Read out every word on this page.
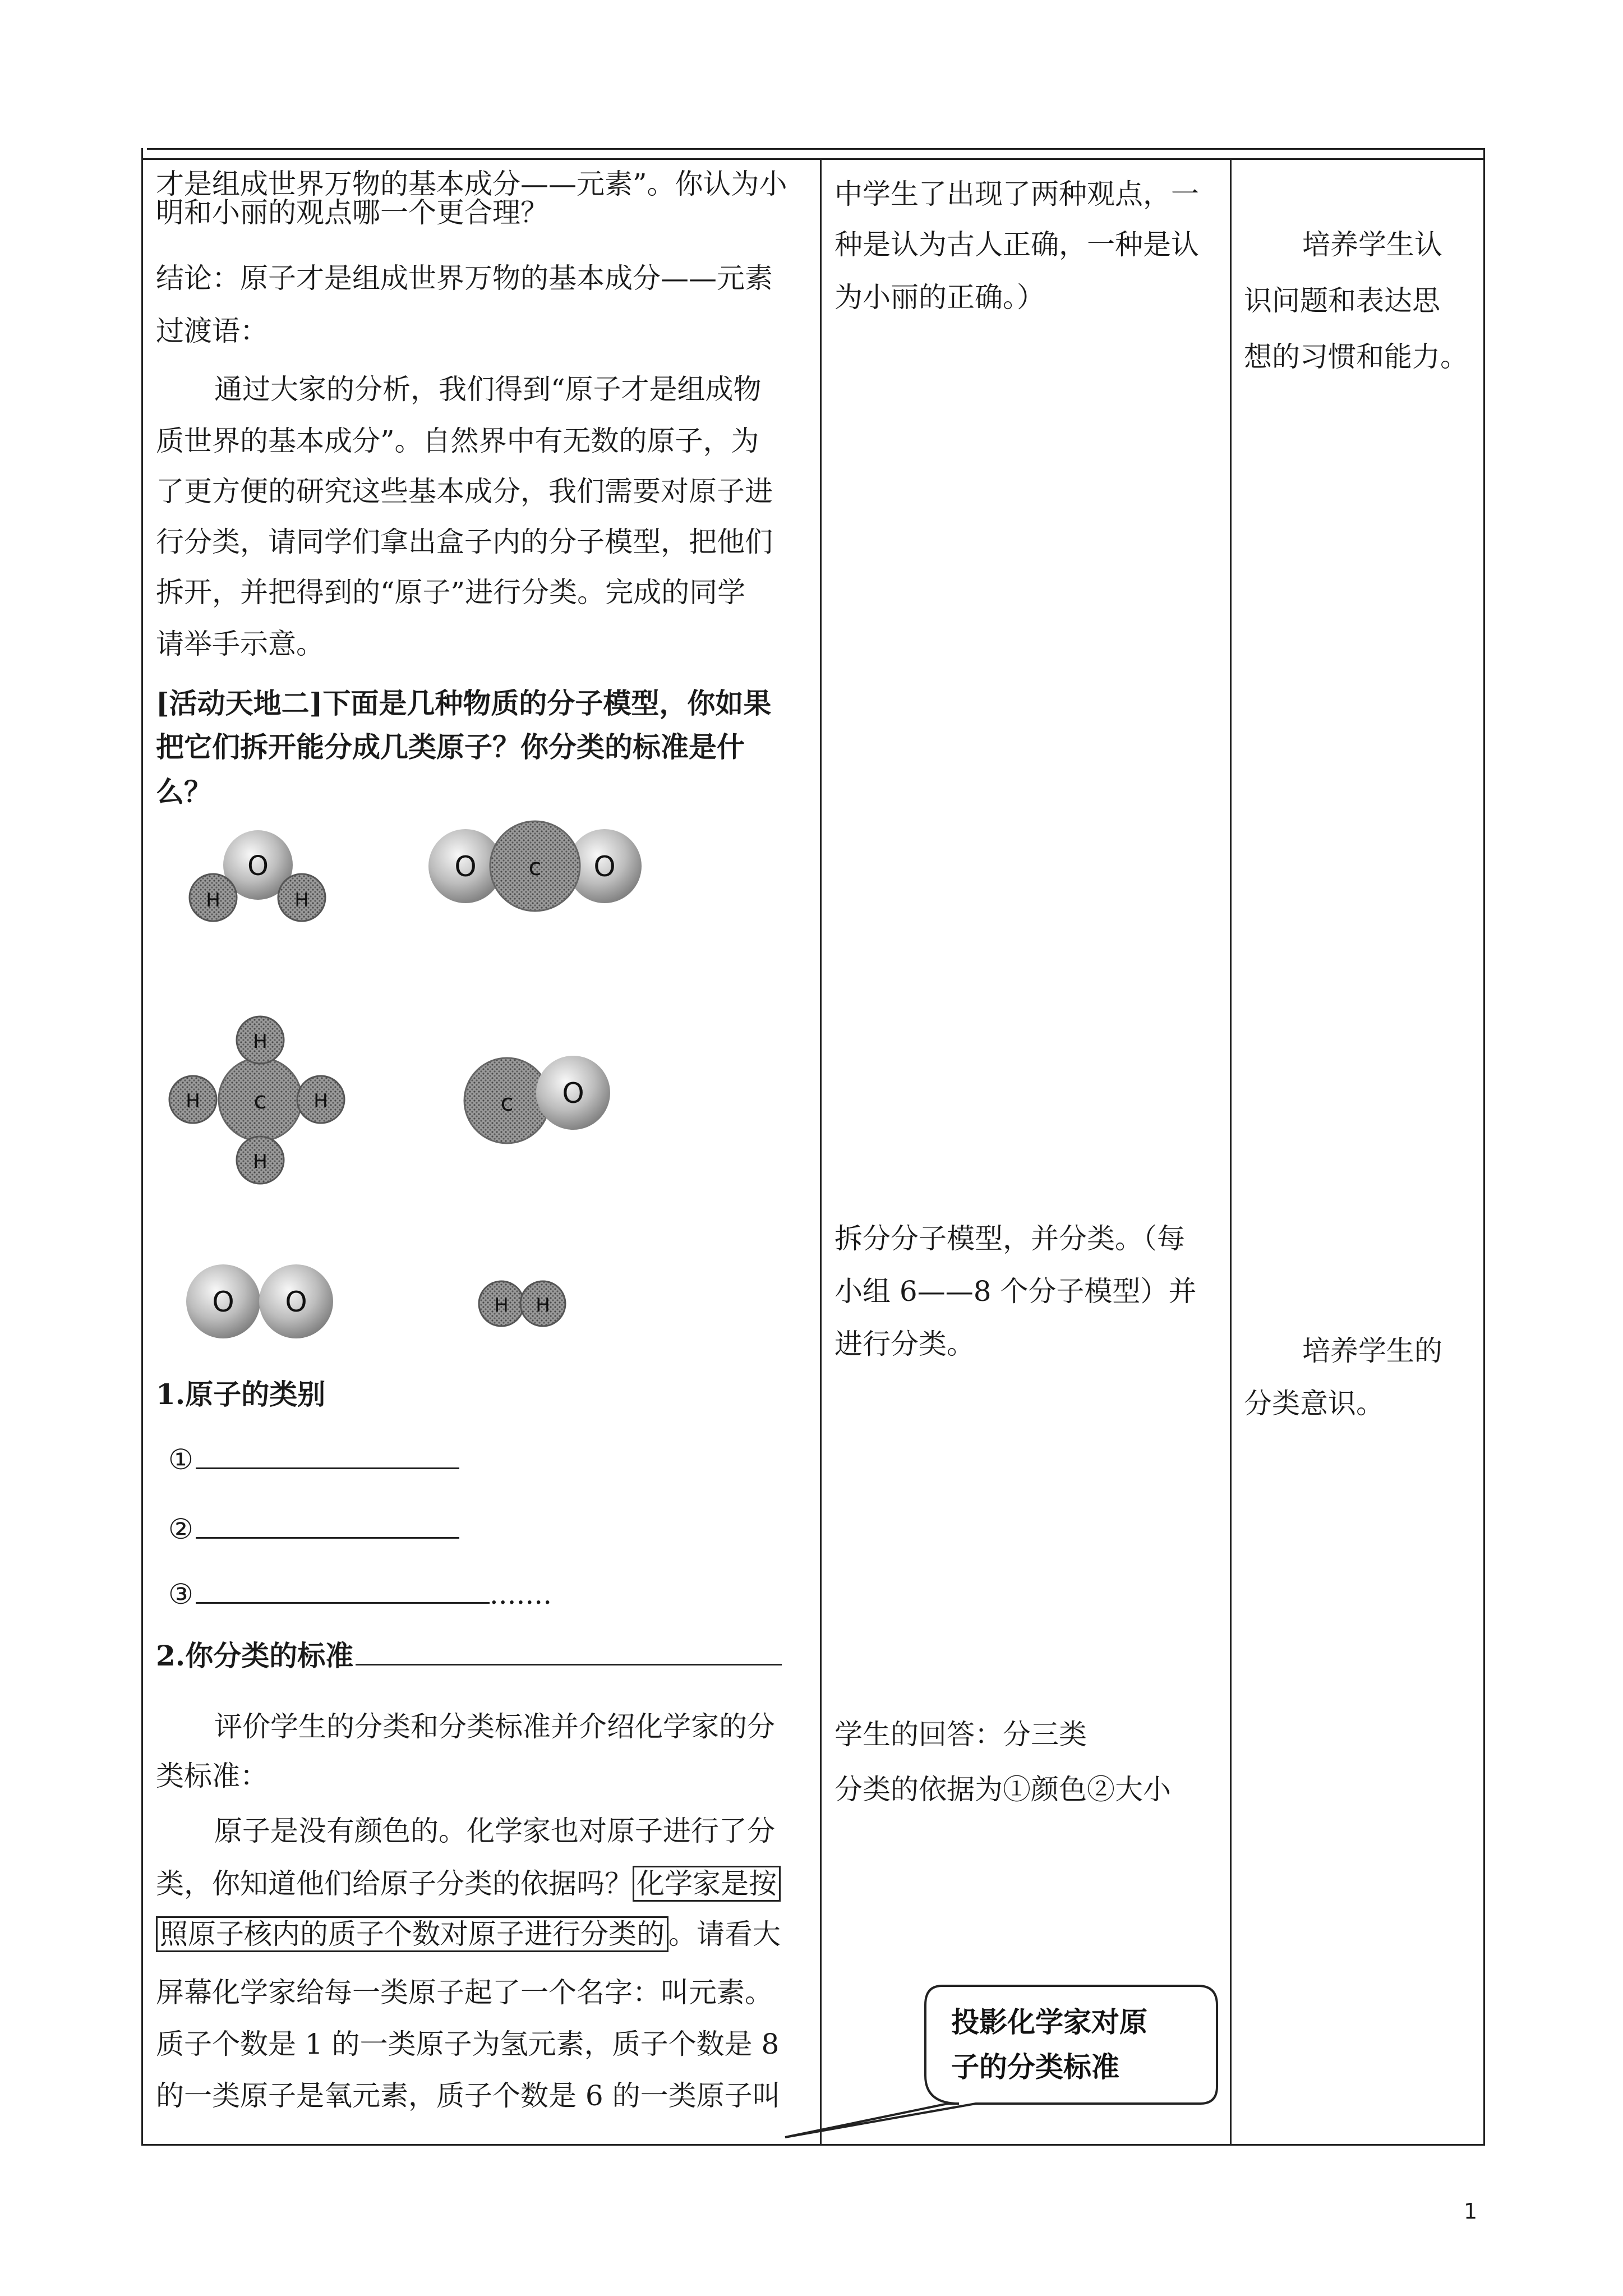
才是组成世界万物的基本成分——元素”。你认为小
明和小丽的观点哪一个更合理？
结论：原子才是组成世界万物的基本成分——元素
过渡语：
通过大家的分析，我们得到“原子才是组成物
质世界的基本成分”。自然界中有无数的原子，为
了更方便的研究这些基本成分，我们需要对原子进
行分类，请同学们拿出盒子内的分子模型，把他们
拆开，并把得到的“原子”进行分类。完成的同学
请举手示意。
[活动天地二]下面是几种物质的分子模型，你如果
把它们拆开能分成几类原子？你分类的标准是什
么？
O
H	H
O c O
c
H
H
H	H	c O
O O	H H
1.原子的类别
①
②
③	.......
2.你分类的标准
评价学生的分类和分类标准并介绍化学家的分
类标准：
原子是没有颜色的。化学家也对原子进行了分
类，你知道他们给原子分类的依据吗？ 化学家是按
照原子核内的质子个数对原子进行分类的 。请看大
屏幕化学家给每一类原子起了一个名字：叫元素。
质子个数是 1 的一类原子为氢元素，质子个数是 8
的一类原子是氧元素，质子个数是 6 的一类原子叫
中学生了出现了两种观点，一
种是认为古人正确，一种是认
为小丽的正确。）
拆分分子模型，并分类。（每
小组 6——8 个分子模型）并
进行分类。
学生的回答：分三类
分类的依据为①颜色②大小
投影化学家对原
子的分类标准
培养学生认
识问题和表达思
想的习惯和能力。
培养学生的
分类意识。
1
